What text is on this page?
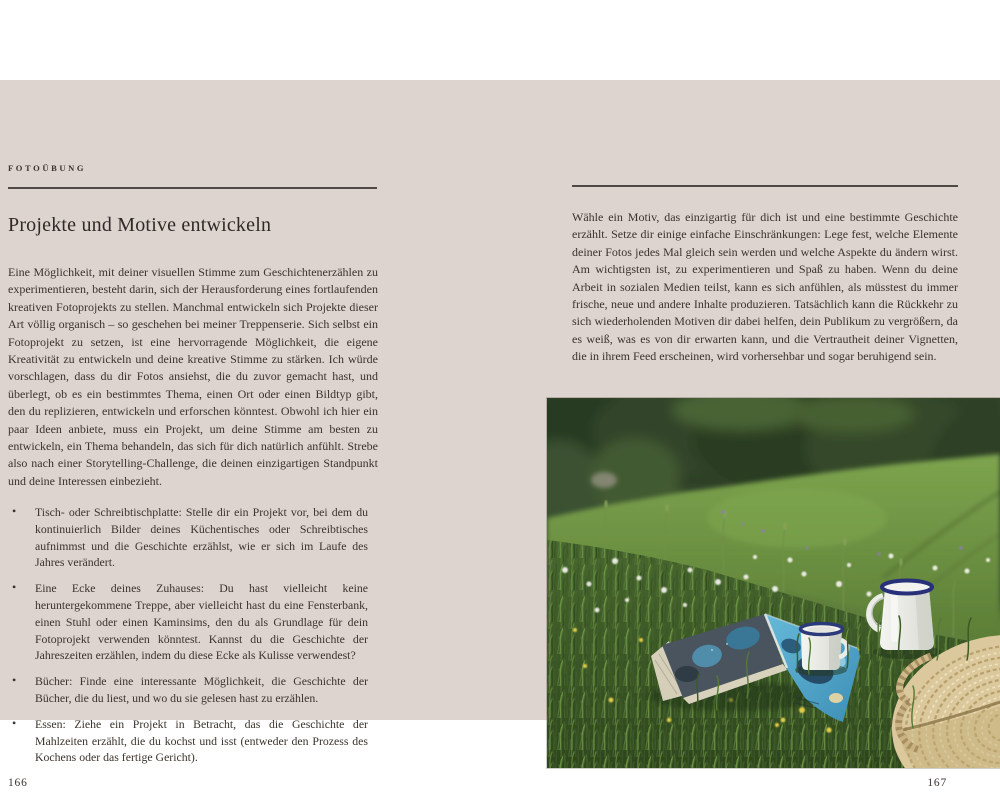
FOTOÜBUNG
Projekte und Motive entwickeln

Eine Möglichkeit, mit deiner visuellen Stimme zum Geschichtenerzählen zu experimentieren, besteht darin, sich der Herausforderung eines fortlaufenden kreativen Fotoprojekts zu stellen. Manchmal entwickeln sich Projekte dieser Art völlig organisch – so geschehen bei meiner Treppenserie. Sich selbst ein Fotoprojekt zu setzen, ist eine hervorragende Möglichkeit, die eigene Kreativität zu entwickeln und deine kreative Stimme zu stärken. Ich würde vorschlagen, dass du dir Fotos ansiehst, die du zuvor gemacht hast, und überlegt, ob es ein bestimmtes Thema, einen Ort oder einen Bildtyp gibt, den du replizieren, entwickeln und erforschen könntest. Obwohl ich hier ein paar Ideen anbiete, muss ein Projekt, um deine Stimme am besten zu entwickeln, ein Thema behandeln, das sich für dich natürlich anfühlt. Strebe also nach einer Storytelling-Challenge, die deinen einzigartigen Standpunkt und deine Interessen einbezieht.

• Tisch- oder Schreibtischplatte: Stelle dir ein Projekt vor, bei dem du kontinuierlich Bilder deines Küchentisches oder Schreibtisches aufnimmst und die Geschichte erzählst, wie er sich im Laufe des Jahres verändert.
• Eine Ecke deines Zuhauses: Du hast vielleicht keine heruntergekommene Treppe, aber vielleicht hast du eine Fensterbank, einen Stuhl oder einen Kaminsims, den du als Grundlage für dein Fotoprojekt verwenden könntest. Kannst du die Geschichte der Jahreszeiten erzählen, indem du diese Ecke als Kulisse verwendest?
• Bücher: Finde eine interessante Möglichkeit, die Geschichte der Bücher, die du liest, und wo du sie gelesen hast zu erzählen.
• Essen: Ziehe ein Projekt in Betracht, das die Geschichte der Mahlzeiten erzählt, die du kochst und isst (entweder den Prozess des Kochens oder das fertige Gericht).
166

Wähle ein Motiv, das einzigartig für dich ist und eine bestimmte Geschichte erzählt. Setze dir einige einfache Einschränkungen: Lege fest, welche Elemente deiner Fotos jedes Mal gleich sein werden und welche Aspekte du ändern wirst. Am wichtigsten ist, zu experimentieren und Spaß zu haben. Wenn du deine Arbeit in sozialen Medien teilst, kann es sich anfühlen, als müsstest du immer frische, neue und andere Inhalte produzieren. Tatsächlich kann die Rückkehr zu sich wiederholenden Motiven dir dabei helfen, dein Publikum zu vergrößern, da es weiß, was es von dir erwarten kann, und die Vertrautheit deiner Vignetten, die in ihrem Feed erscheinen, wird vorhersehbar und sogar beruhigend sein.

167
